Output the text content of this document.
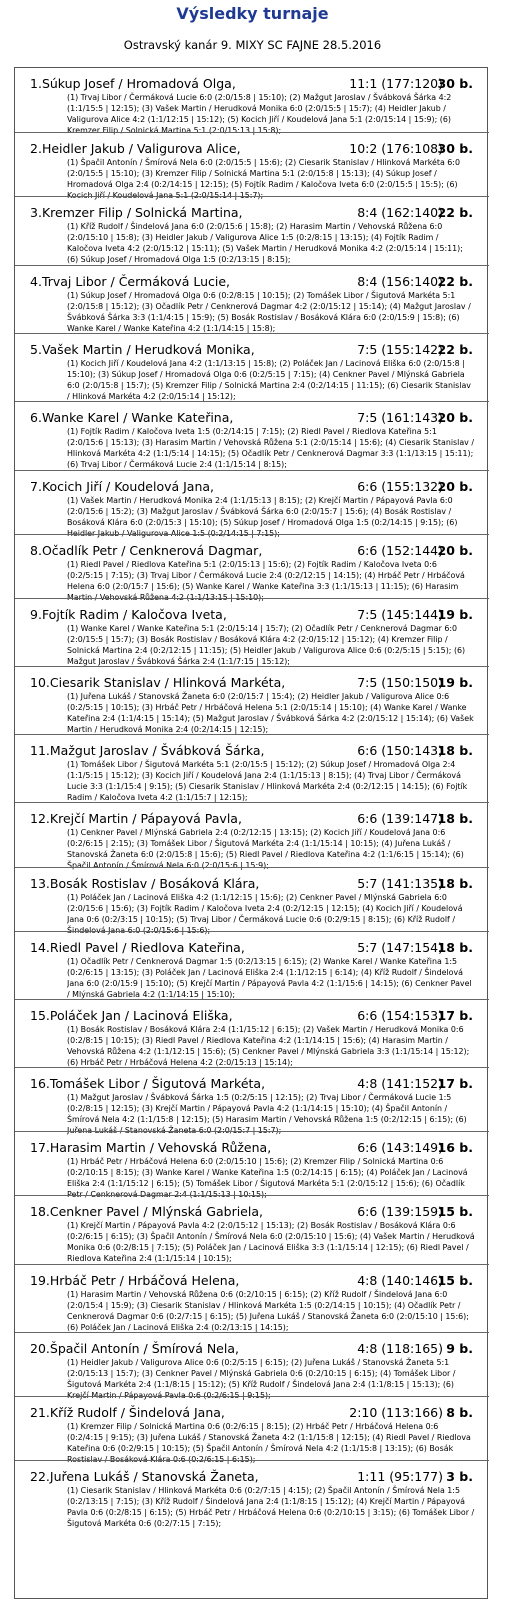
Výsledky turnaje
Ostravský kanár 9. MIXY SC FAJNE 28.5.2016
1.Súkup Josef / Hromadová Olga,	11:1 (177:120)
30 b.
(1) Trvaj Libor / Čermáková Lucie 6:0 (2:0/15:8 | 15:10); (2) Mažgut Jaroslav / Švábková Šárka 4:2 (1:1/15:5 | 12:15); (3) Vašek Martin / Herudková Monika 6:0 (2:0/15:5 | 15:7); (4) Heidler Jakub / Valigurova Alice 4:2 (1:1/12:15 | 15:12); (5) Kocich Jiří / Koudelová Jana 5:1 (2:0/15:14 | 15:9); (6) Kremzer Filip / Solnická Martina 5:1 (2:0/15:13 | 15:8);
2.Heidler Jakub / Valigurova Alice,	10:2 (176:108)
30 b.
(1) Špačil Antonín / Šmírová Nela 6:0 (2:0/15:5 | 15:6); (2) Ciesarik Stanislav / Hlinková Markéta 6:0 (2:0/15:5 | 15:10); (3) Kremzer Filip / Solnická Martina 5:1 (2:0/15:8 | 15:13); (4) Súkup Josef / Hromadová Olga 2:4 (0:2/14:15 | 12:15); (5) Fojtík Radim / Kaločova Iveta 6:0 (2:0/15:5 | 15:5); (6) Kocich Jiří / Koudelová Jana 5:1 (2:0/15:14 | 15:7);
3.Kremzer Filip / Solnická Martina,	8:4 (162:140)
22 b.
(1) Kříž Rudolf / Šindelová Jana 6:0 (2:0/15:6 | 15:8); (2) Harasim Martin / Vehovská Růžena 6:0 (2:0/15:10 | 15:8); (3) Heidler Jakub / Valigurova Alice 1:5 (0:2/8:15 | 13:15); (4) Fojtík Radim / Kaločova Iveta 4:2 (2:0/15:12 | 15:11); (5) Vašek Martin / Herudková Monika 4:2 (2:0/15:14 | 15:11); (6) Súkup Josef / Hromadová Olga 1:5 (0:2/13:15 | 8:15);
4.Trvaj Libor / Čermáková Lucie,	8:4 (156:140)
22 b.
(1) Súkup Josef / Hromadová Olga 0:6 (0:2/8:15 | 10:15); (2) Tomášek Libor / Šigutová Markéta 5:1 (2:0/15:8 | 15:12); (3) Očadlík Petr / Cenknerová Dagmar 4:2 (2:0/15:12 | 15:14); (4) Mažgut Jaroslav / Švábková Šárka 3:3 (1:1/4:15 | 15:9); (5) Bosák Rostislav / Bosáková Klára 6:0 (2:0/15:9 | 15:8); (6) Wanke Karel / Wanke Kateřina 4:2 (1:1/14:15 | 15:8);
5.Vašek Martin / Herudková Monika,	7:5 (155:142)
22 b.
(1) Kocich Jiří / Koudelová Jana 4:2 (1:1/13:15 | 15:8); (2) Poláček Jan / Lacinová Eliška 6:0 (2:0/15:8 | 15:10); (3) Súkup Josef / Hromadová Olga 0:6 (0:2/5:15 | 7:15); (4) Cenkner Pavel / Mlýnská Gabriela 6:0 (2:0/15:8 | 15:7); (5) Kremzer Filip / Solnická Martina 2:4 (0:2/14:15 | 11:15); (6) Ciesarik Stanislav / Hlinková Markéta 4:2 (2:0/15:14 | 15:12);
6.Wanke Karel / Wanke Kateřina,	7:5 (161:143)
20 b.
(1) Fojtík Radim / Kaločova Iveta 1:5 (0:2/14:15 | 7:15); (2) Riedl Pavel / Riedlova Kateřina 5:1 (2:0/15:6 | 15:13); (3) Harasim Martin / Vehovská Růžena 5:1 (2:0/15:14 | 15:6); (4) Ciesarik Stanislav / Hlinková Markéta 4:2 (1:1/5:14 | 14:15); (5) Očadlík Petr / Cenknerová Dagmar 3:3 (1:1/13:15 | 15:11); (6) Trvaj Libor / Čermáková Lucie 2:4 (1:1/15:14 | 8:15);
7.Kocich Jiří / Koudelová Jana,	6:6 (155:132)
20 b.
(1) Vašek Martin / Herudková Monika 2:4 (1:1/15:13 | 8:15); (2) Krejčí Martin / Pápayová Pavla 6:0 (2:0/15:6 | 15:2); (3) Mažgut Jaroslav / Švábková Šárka 6:0 (2:0/15:7 | 15:6); (4) Bosák Rostislav / Bosáková Klára 6:0 (2:0/15:3 | 15:10); (5) Súkup Josef / Hromadová Olga 1:5 (0:2/14:15 | 9:15); (6) Heidler Jakub / Valigurova Alice 1:5 (0:2/14:15 | 7:15);
8.Očadlík Petr / Cenknerová Dagmar,	6:6 (152:144)
20 b.
(1) Riedl Pavel / Riedlova Kateřina 5:1 (2:0/15:13 | 15:6); (2) Fojtík Radim / Kaločova Iveta 0:6 (0:2/5:15 | 7:15); (3) Trvaj Libor / Čermáková Lucie 2:4 (0:2/12:15 | 14:15); (4) Hrbáč Petr / Hrbáčová Helena 6:0 (2:0/15:7 | 15:6); (5) Wanke Karel / Wanke Kateřina 3:3 (1:1/15:13 | 11:15); (6) Harasim Martin / Vehovská Růžena 4:2 (1:1/13:15 | 15:10);
9.Fojtík Radim / Kaločova Iveta,	7:5 (145:144)
19 b.
(1) Wanke Karel / Wanke Kateřina 5:1 (2:0/15:14 | 15:7); (2) Očadlík Petr / Cenknerová Dagmar 6:0 (2:0/15:5 | 15:7); (3) Bosák Rostislav / Bosáková Klára 4:2 (2:0/15:12 | 15:12); (4) Kremzer Filip / Solnická Martina 2:4 (0:2/12:15 | 11:15); (5) Heidler Jakub / Valigurova Alice 0:6 (0:2/5:15 | 5:15); (6) Mažgut Jaroslav / Švábková Šárka 2:4 (1:1/7:15 | 15:12);
10.Ciesarik Stanislav / Hlinková Markéta,	7:5 (150:150)
19 b.
(1) Juřena Lukáš / Stanovská Žaneta 6:0 (2:0/15:7 | 15:4); (2) Heidler Jakub / Valigurova Alice 0:6 (0:2/5:15 | 10:15); (3) Hrbáč Petr / Hrbáčová Helena 5:1 (2:0/15:14 | 15:10); (4) Wanke Karel / Wanke Kateřina 2:4 (1:1/4:15 | 15:14); (5) Mažgut Jaroslav / Švábková Šárka 4:2 (2:0/15:12 | 15:14); (6) Vašek Martin / Herudková Monika 2:4 (0:2/14:15 | 12:15);
11.Mažgut Jaroslav / Švábková Šárka,	6:6 (150:143)
18 b.
(1) Tomášek Libor / Šigutová Markéta 5:1 (2:0/15:5 | 15:12); (2) Súkup Josef / Hromadová Olga 2:4 (1:1/5:15 | 15:12); (3) Kocich Jiří / Koudelová Jana 2:4 (1:1/15:13 | 8:15); (4) Trvaj Libor / Čermáková Lucie 3:3 (1:1/15:4 | 9:15); (5) Ciesarik Stanislav / Hlinková Markéta 2:4 (0:2/12:15 | 14:15); (6) Fojtík Radim / Kaločova Iveta 4:2 (1:1/15:7 | 12:15);
12.Krejčí Martin / Pápayová Pavla,	6:6 (139:147)
18 b.
(1) Cenkner Pavel / Mlýnská Gabriela 2:4 (0:2/12:15 | 13:15); (2) Kocich Jiří / Koudelová Jana 0:6 (0:2/6:15 | 2:15); (3) Tomášek Libor / Šigutová Markéta 2:4 (1:1/15:14 | 10:15); (4) Juřena Lukáš / Stanovská Žaneta 6:0 (2:0/15:8 | 15:6); (5) Riedl Pavel / Riedlova Kateřina 4:2 (1:1/6:15 | 15:14); (6) Špačil Antonín / Šmírová Nela 6:0 (2:0/15:6 | 15:9);
13.Bosák Rostislav / Bosáková Klára,	5:7 (141:135)
18 b.
(1) Poláček Jan / Lacinová Eliška 4:2 (1:1/12:15 | 15:6); (2) Cenkner Pavel / Mlýnská Gabriela 6:0 (2:0/15:6 | 15:6); (3) Fojtík Radim / Kaločova Iveta 2:4 (0:2/12:15 | 12:15); (4) Kocich Jiří / Koudelová Jana 0:6 (0:2/3:15 | 10:15); (5) Trvaj Libor / Čermáková Lucie 0:6 (0:2/9:15 | 8:15); (6) Kříž Rudolf / Šindelová Jana 6:0 (2:0/15:6 | 15:6);
14.Riedl Pavel / Riedlova Kateřina,	5:7 (147:154)
18 b.
(1) Očadlík Petr / Cenknerová Dagmar 1:5 (0:2/13:15 | 6:15); (2) Wanke Karel / Wanke Kateřina 1:5 (0:2/6:15 | 13:15); (3) Poláček Jan / Lacinová Eliška 2:4 (1:1/12:15 | 6:14); (4) Kříž Rudolf / Šindelová Jana 6:0 (2:0/15:9 | 15:10); (5) Krejčí Martin / Pápayová Pavla 4:2 (1:1/15:6 | 14:15); (6) Cenkner Pavel / Mlýnská Gabriela 4:2 (1:1/14:15 | 15:10);
15.Poláček Jan / Lacinová Eliška,	6:6 (154:153)
17 b.
(1) Bosák Rostislav / Bosáková Klára 2:4 (1:1/15:12 | 6:15); (2) Vašek Martin / Herudková Monika 0:6 (0:2/8:15 | 10:15); (3) Riedl Pavel / Riedlova Kateřina 4:2 (1:1/14:15 | 15:6); (4) Harasim Martin / Vehovská Růžena 4:2 (1:1/12:15 | 15:6); (5) Cenkner Pavel / Mlýnská Gabriela 3:3 (1:1/15:14 | 15:12); (6) Hrbáč Petr / Hrbáčová Helena 4:2 (2:0/15:13 | 15:14);
16.Tomášek Libor / Šigutová Markéta,	4:8 (141:152)
17 b.
(1) Mažgut Jaroslav / Švábková Šárka 1:5 (0:2/5:15 | 12:15); (2) Trvaj Libor / Čermáková Lucie 1:5 (0:2/8:15 | 12:15); (3) Krejčí Martin / Pápayová Pavla 4:2 (1:1/14:15 | 15:10); (4) Špačil Antonín / Šmírová Nela 4:2 (1:1/15:8 | 12:15); (5) Harasim Martin / Vehovská Růžena 1:5 (0:2/12:15 | 6:15); (6) Juřena Lukáš / Stanovská Žaneta 6:0 (2:0/15:7 | 15:7);
17.Harasim Martin / Vehovská Růžena,	6:6 (143:149)
16 b.
(1) Hrbáč Petr / Hrbáčová Helena 6:0 (2:0/15:10 | 15:6); (2) Kremzer Filip / Solnická Martina 0:6 (0:2/10:15 | 8:15); (3) Wanke Karel / Wanke Kateřina 1:5 (0:2/14:15 | 6:15); (4) Poláček Jan / Lacinová Eliška 2:4 (1:1/15:12 | 6:15); (5) Tomášek Libor / Šigutová Markéta 5:1 (2:0/15:12 | 15:6); (6) Očadlík Petr / Cenknerová Dagmar 2:4 (1:1/15:13 | 10:15);
18.Cenkner Pavel / Mlýnská Gabriela,	6:6 (139:159)
15 b.
(1) Krejčí Martin / Pápayová Pavla 4:2 (2:0/15:12 | 15:13); (2) Bosák Rostislav / Bosáková Klára 0:6 (0:2/6:15 | 6:15); (3) Špačil Antonín / Šmírová Nela 6:0 (2:0/15:10 | 15:6); (4) Vašek Martin / Herudková Monika 0:6 (0:2/8:15 | 7:15); (5) Poláček Jan / Lacinová Eliška 3:3 (1:1/15:14 | 12:15); (6) Riedl Pavel / Riedlova Kateřina 2:4 (1:1/15:14 | 10:15);
19.Hrbáč Petr / Hrbáčová Helena,	4:8 (140:146)
15 b.
(1) Harasim Martin / Vehovská Růžena 0:6 (0:2/10:15 | 6:15); (2) Kříž Rudolf / Šindelová Jana 6:0 (2:0/15:4 | 15:9); (3) Ciesarik Stanislav / Hlinková Markéta 1:5 (0:2/14:15 | 10:15); (4) Očadlík Petr / Cenknerová Dagmar 0:6 (0:2/7:15 | 6:15); (5) Juřena Lukáš / Stanovská Žaneta 6:0 (2:0/15:10 | 15:6); (6) Poláček Jan / Lacinová Eliška 2:4 (0:2/13:15 | 14:15);
20.Špačil Antonín / Šmírová Nela,	4:8 (118:165) 9 b.
(1) Heidler Jakub / Valigurova Alice 0:6 (0:2/5:15 | 6:15); (2) Juřena Lukáš / Stanovská Žaneta 5:1 (2:0/15:13 | 15:7); (3) Cenkner Pavel / Mlýnská Gabriela 0:6 (0:2/10:15 | 6:15); (4) Tomášek Libor / Šigutová Markéta 2:4 (1:1/8:15 | 15:12); (5) Kříž Rudolf / Šindelová Jana 2:4 (1:1/8:15 | 15:13); (6) Krejčí Martin / Pápayová Pavla 0:6 (0:2/6:15 | 9:15);
21.Kříž Rudolf / Šindelová Jana,	2:10 (113:166) 8 b.
(1) Kremzer Filip / Solnická Martina 0:6 (0:2/6:15 | 8:15); (2) Hrbáč Petr / Hrbáčová Helena 0:6 (0:2/4:15 | 9:15); (3) Juřena Lukáš / Stanovská Žaneta 4:2 (1:1/15:8 | 12:15); (4) Riedl Pavel / Riedlova Kateřina 0:6 (0:2/9:15 | 10:15); (5) Špačil Antonín / Šmírová Nela 4:2 (1:1/15:8 | 13:15); (6) Bosák Rostislav / Bosáková Klára 0:6 (0:2/6:15 | 6:15);
22.Juřena Lukáš / Stanovská Žaneta,	1:11 (95:177) 3 b.
(1) Ciesarik Stanislav / Hlinková Markéta 0:6 (0:2/7:15 | 4:15); (2) Špačil Antonín / Šmírová Nela 1:5 (0:2/13:15 | 7:15); (3) Kříž Rudolf / Šindelová Jana 2:4 (1:1/8:15 | 15:12); (4) Krejčí Martin / Pápayová Pavla 0:6 (0:2/8:15 | 6:15); (5) Hrbáč Petr / Hrbáčová Helena 0:6 (0:2/10:15 | 3:15); (6) Tomášek Libor / Šigutová Markéta 0:6 (0:2/7:15 | 7:15);
